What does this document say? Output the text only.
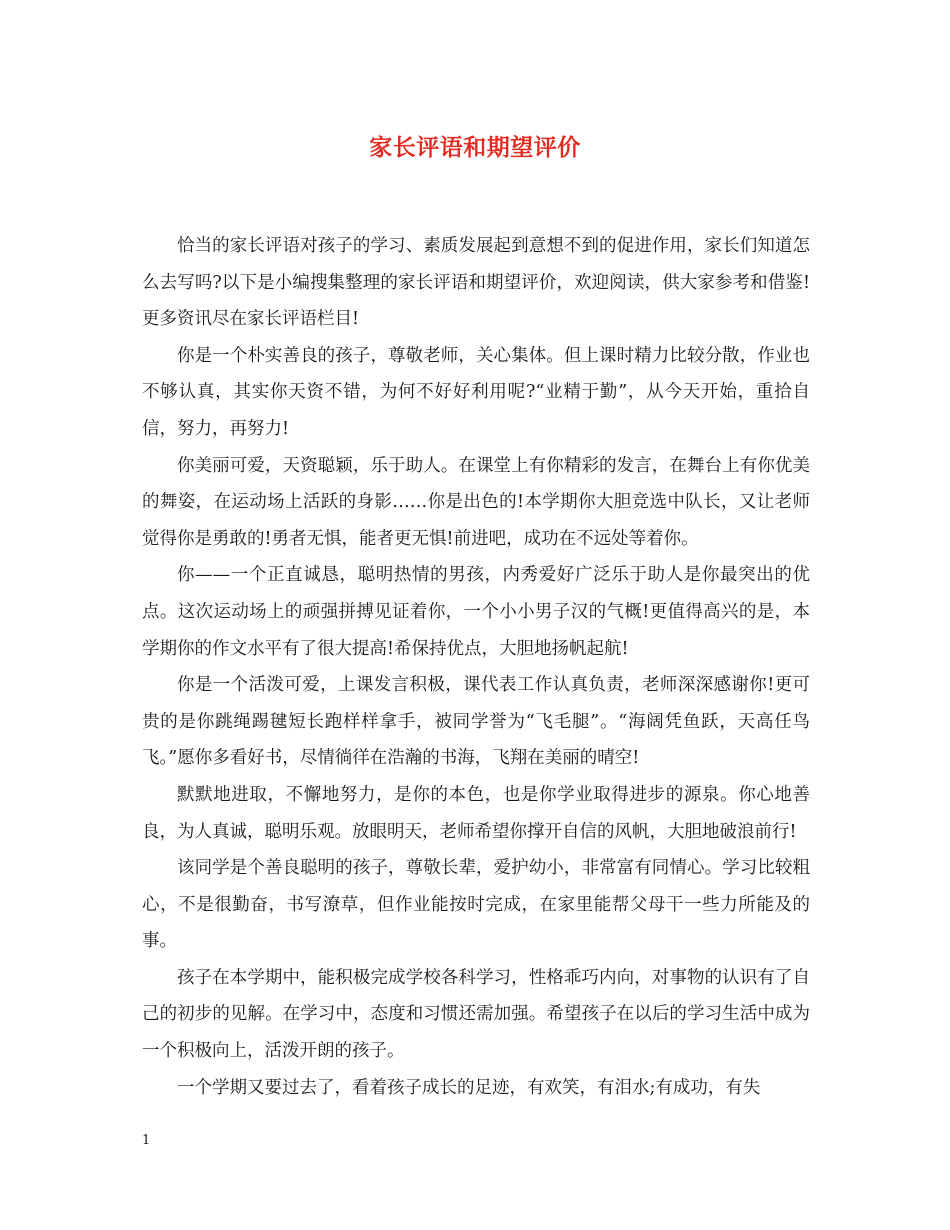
家长评语和期望评价

恰当的家长评语对孩子的学习、素质发展起到意想不到的促进作用，家长们知道怎么去写吗?以下是小编搜集整理的家长评语和期望评价，欢迎阅读，供大家参考和借鉴!更多资讯尽在家长评语栏目!

你是一个朴实善良的孩子，尊敬老师，关心集体。但上课时精力比较分散，作业也不够认真，其实你天资不错，为何不好好利用呢?“业精于勤”，从今天开始，重拾自信，努力，再努力!

你美丽可爱，天资聪颖，乐于助人。在课堂上有你精彩的发言，在舞台上有你优美的舞姿，在运动场上活跃的身影……你是出色的!本学期你大胆竞选中队长，又让老师觉得你是勇敢的!勇者无惧，能者更无惧!前进吧，成功在不远处等着你。

你——一个正直诚恳，聪明热情的男孩，内秀爱好广泛乐于助人是你最突出的优点。这次运动场上的顽强拼搏见证着你，一个小小男子汉的气概!更值得高兴的是，本学期你的作文水平有了很大提高!希保持优点，大胆地扬帆起航!

你是一个活泼可爱，上课发言积极，课代表工作认真负责，老师深深感谢你!更可贵的是你跳绳踢毽短长跑样样拿手，被同学誉为“飞毛腿”。“海阔凭鱼跃，天高任鸟飞。”愿你多看好书，尽情徜徉在浩瀚的书海，飞翔在美丽的晴空!

默默地进取，不懈地努力，是你的本色，也是你学业取得进步的源泉。你心地善良，为人真诚，聪明乐观。放眼明天，老师希望你撑开自信的风帆，大胆地破浪前行!

该同学是个善良聪明的孩子，尊敬长辈，爱护幼小，非常富有同情心。学习比较粗心，不是很勤奋，书写潦草，但作业能按时完成，在家里能帮父母干一些力所能及的事。

孩子在本学期中，能积极完成学校各科学习，性格乖巧内向，对事物的认识有了自己的初步的见解。在学习中，态度和习惯还需加强。希望孩子在以后的学习生活中成为一个积极向上，活泼开朗的孩子。

一个学期又要过去了，看着孩子成长的足迹，有欢笑，有泪水;有成功，有失

1
